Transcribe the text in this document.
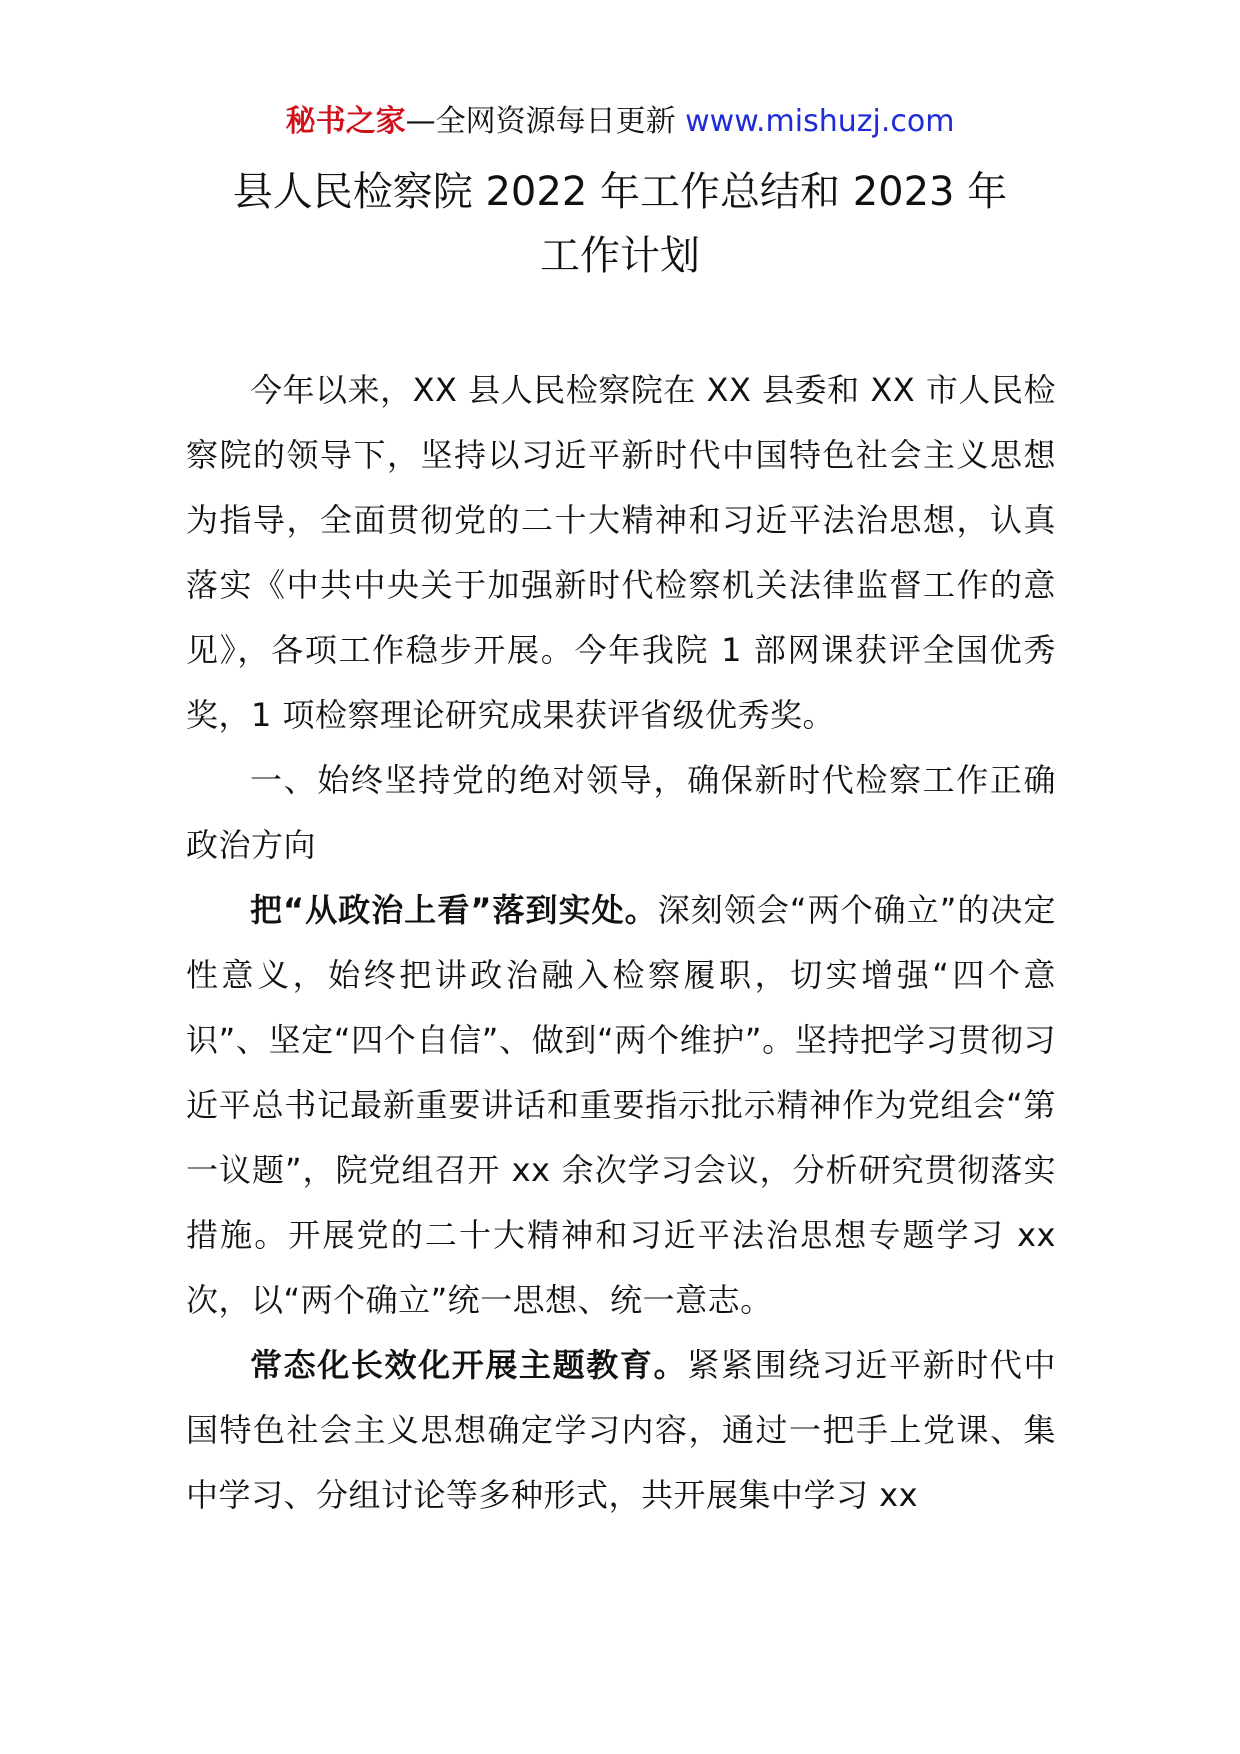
秘书之家—全网资源每日更新 www.mishuzj.com
县人民检察院 2022 年工作总结和 2023 年
工作计划

今年以来，XX 县人民检察院在 XX 县委和 XX 市人民检察院的领导下，坚持以习近平新时代中国特色社会主义思想为指导，全面贯彻党的二十大精神和习近平法治思想，认真落实《中共中央关于加强新时代检察机关法律监督工作的意见》，各项工作稳步开展。今年我院 1 部网课获评全国优秀奖，1 项检察理论研究成果获评省级优秀奖。

一、始终坚持党的绝对领导，确保新时代检察工作正确政治方向

把“从政治上看”落到实处。深刻领会“两个确立”的决定性意义，始终把讲政治融入检察履职，切实增强“四个意识”、坚定“四个自信”、做到“两个维护”。坚持把学习贯彻习近平总书记最新重要讲话和重要指示批示精神作为党组会“第一议题”，院党组召开 xx 余次学习会议，分析研究贯彻落实措施。开展党的二十大精神和习近平法治思想专题学习 xx 次，以“两个确立”统一思想、统一意志。

常态化长效化开展主题教育。紧紧围绕习近平新时代中国特色社会主义思想确定学习内容，通过一把手上党课、集中学习、分组讨论等多种形式，共开展集中学习 xx
